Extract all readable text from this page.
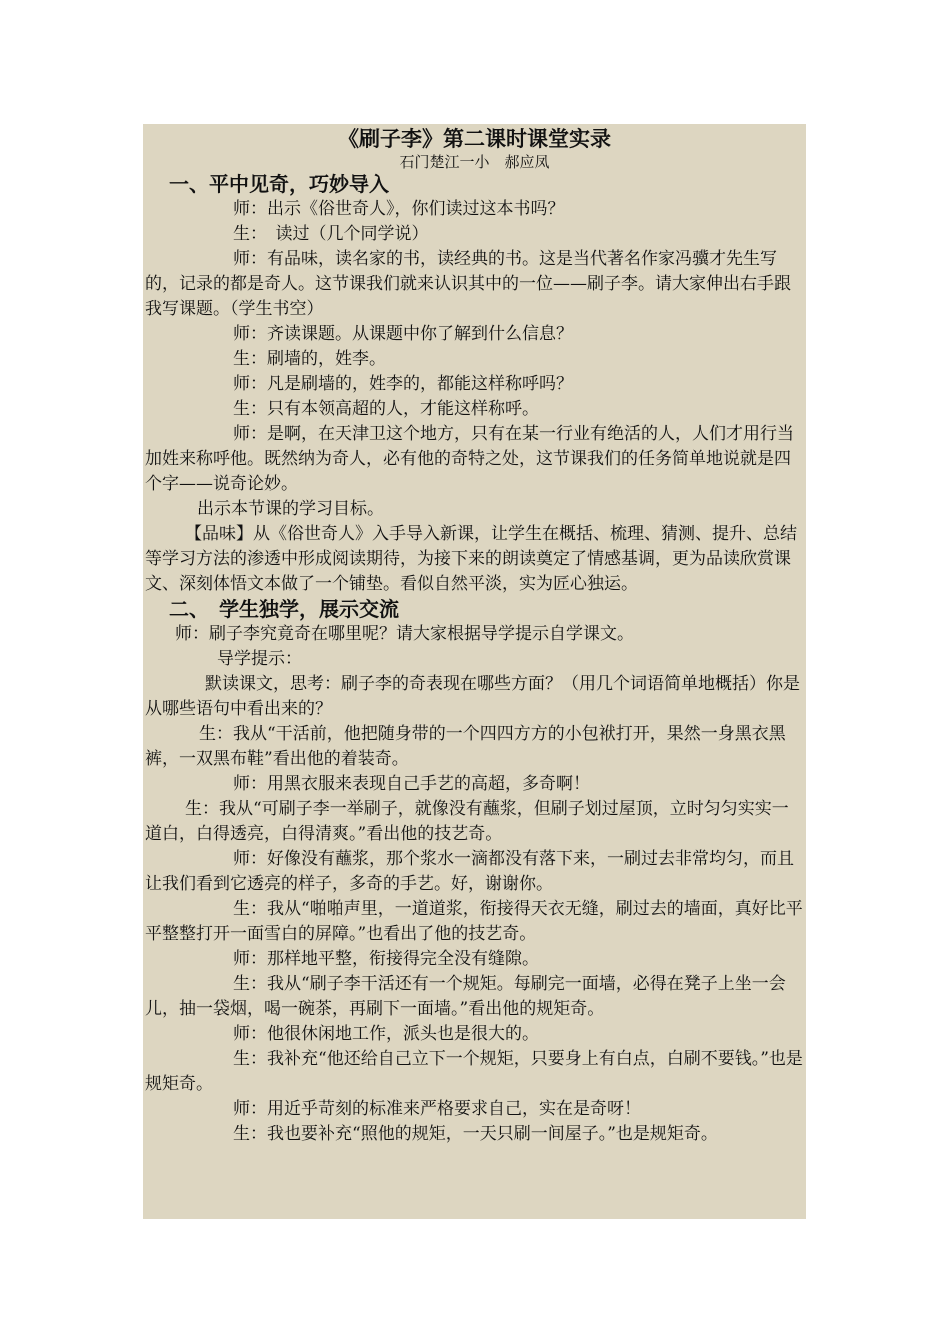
《刷子李》第二课时课堂实录
石门楚江一小　郝应凤
一、平中见奇，巧妙导入

师：出示《俗世奇人》，你们读过这本书吗？

生：　读过（几个同学说）

师：有品味，读名家的书，读经典的书。这是当代著名作家冯骥才先生写的，记录的都是奇人。这节课我们就来认识其中的一位——刷子李。请大家伸出右手跟我写课题。（学生书空）

师：齐读课题。从课题中你了解到什么信息？

生：刷墙的，姓李。

师：凡是刷墙的，姓李的，都能这样称呼吗？

生：只有本领高超的人，才能这样称呼。

师：是啊，在天津卫这个地方，只有在某一行业有绝活的人，人们才用行当加姓来称呼他。既然纳为奇人，必有他的奇特之处，这节课我们的任务简单地说就是四个字——说奇论妙。

出示本节课的学习目标。

【品味】从《俗世奇人》入手导入新课，让学生在概括、梳理、猜测、提升、总结等学习方法的渗透中形成阅读期待，为接下来的朗读奠定了情感基调，更为品读欣赏课文、深刻体悟文本做了一个铺垫。看似自然平淡，实为匠心独运。

二、　学生独学，展示交流

师：刷子李究竟奇在哪里呢？请大家根据导学提示自学课文。

导学提示：

默读课文，思考：刷子李的奇表现在哪些方面？（用几个词语简单地概括）你是从哪些语句中看出来的？

生：我从“干活前，他把随身带的一个四四方方的小包袱打开，果然一身黑衣黑裤，一双黑布鞋”看出他的着装奇。

师：用黑衣服来表现自己手艺的高超，多奇啊！

生：我从“可刷子李一举刷子，就像没有蘸浆，但刷子划过屋顶，立时匀匀实实一道白，白得透亮，白得清爽。”看出他的技艺奇。

师：好像没有蘸浆，那个浆水一滴都没有落下来，一刷过去非常均匀，而且让我们看到它透亮的样子，多奇的手艺。好，谢谢你。

生：我从“啪啪声里，一道道浆，衔接得天衣无缝，刷过去的墙面，真好比平平整整打开一面雪白的屏障。”也看出了他的技艺奇。

师：那样地平整，衔接得完全没有缝隙。

生：我从“刷子李干活还有一个规矩。每刷完一面墙，必得在凳子上坐一会儿，抽一袋烟，喝一碗茶，再刷下一面墙。”看出他的规矩奇。

师：他很休闲地工作，派头也是很大的。

生：我补充“他还给自己立下一个规矩，只要身上有白点，白刷不要钱。”也是规矩奇。

师：用近乎苛刻的标准来严格要求自己，实在是奇呀！

生：我也要补充“照他的规矩，一天只刷一间屋子。”也是规矩奇。
